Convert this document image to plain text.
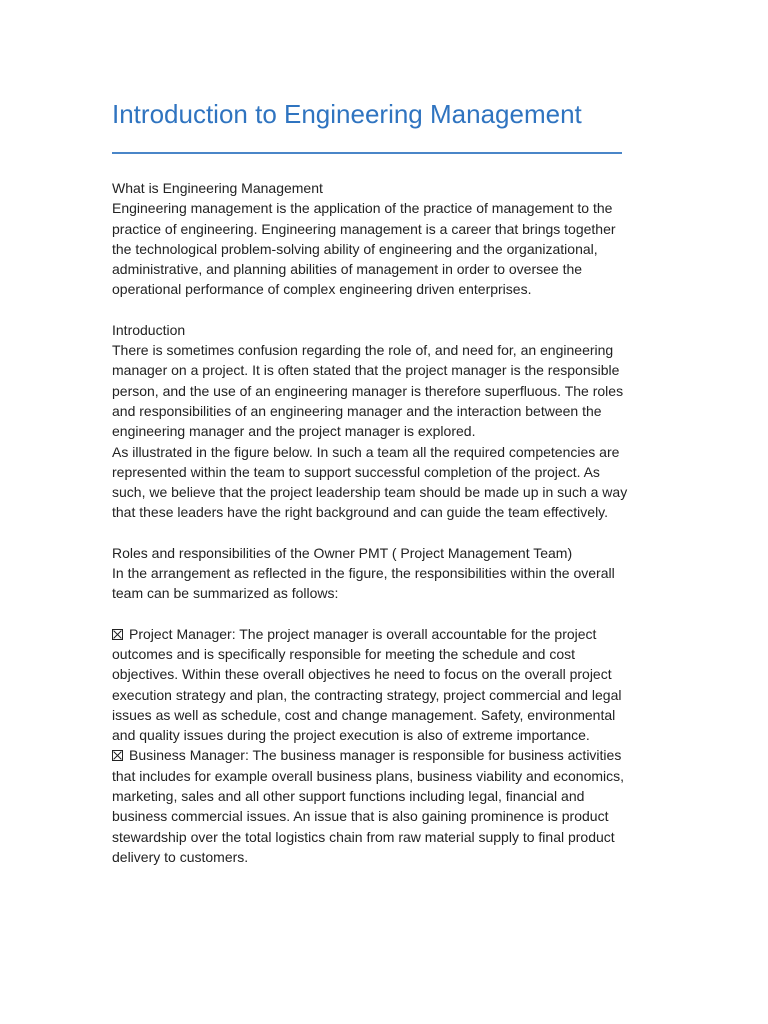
Introduction to Engineering Management

What is Engineering Management

Engineering management is the application of the practice of management to the practice of engineering. Engineering management is a career that brings together the technological problem-solving ability of engineering and the organizational, administrative, and planning abilities of management in order to oversee the operational performance of complex engineering driven enterprises.

Introduction

There is sometimes confusion regarding the role of, and need for, an engineering manager on a project. It is often stated that the project manager is the responsible person, and the use of an engineering manager is therefore superfluous. The roles and responsibilities of an engineering manager and the interaction between the engineering manager and the project manager is explored.

As illustrated in the figure below. In such a team all the required competencies are represented within the team to support successful completion of the project. As such, we believe that the project leadership team should be made up in such a way that these leaders have the right background and can guide the team effectively.

Roles and responsibilities of the Owner PMT ( Project Management Team)

In the arrangement as reflected in the figure, the responsibilities within the overall team can be summarized as follows:

Project Manager: The project manager is overall accountable for the project outcomes and is specifically responsible for meeting the schedule and cost objectives. Within these overall objectives he need to focus on the overall project execution strategy and plan, the contracting strategy, project commercial and legal issues as well as schedule, cost and change management. Safety, environmental and quality issues during the project execution is also of extreme importance.

Business Manager: The business manager is responsible for business activities that includes for example overall business plans, business viability and economics, marketing, sales and all other support functions including legal, financial and business commercial issues. An issue that is also gaining prominence is product stewardship over the total logistics chain from raw material supply to final product delivery to customers.
